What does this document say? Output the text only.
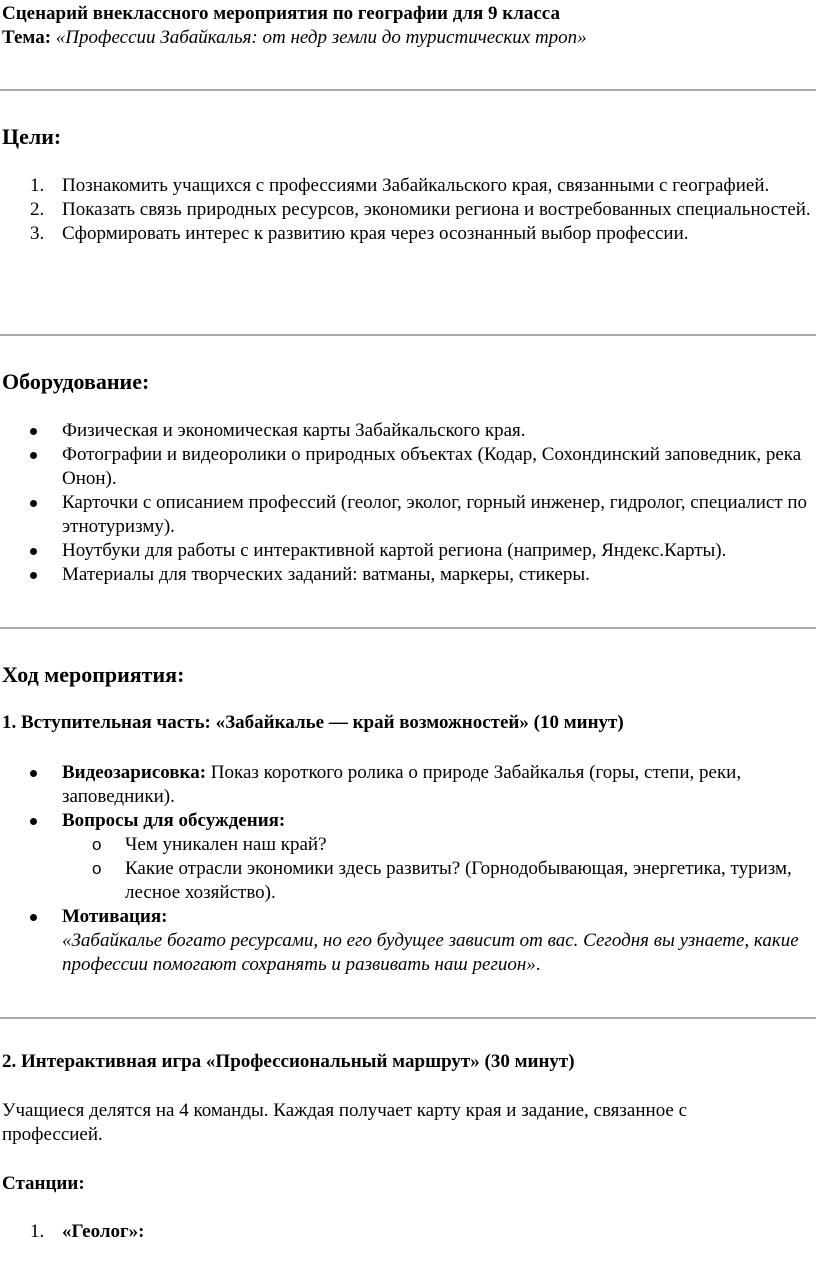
Сценарий внеклассного мероприятия по географии для 9 класса
Тема: «Профессии Забайкалья: от недр земли до туристических троп»
Цели:
1. Познакомить учащихся с профессиями Забайкальского края, связанными с географией.
2. Показать связь природных ресурсов, экономики региона и востребованных специальностей.
3. Сформировать интерес к развитию края через осознанный выбор профессии.
Оборудование:
Физическая и экономическая карты Забайкальского края.
Фотографии и видеоролики о природных объектах (Кодар, Сохондинский заповедник, река Онон).
Карточки с описанием профессий (геолог, эколог, горный инженер, гидролог, специалист по этнотуризму).
Ноутбуки для работы с интерактивной картой региона (например, Яндекс.Карты).
Материалы для творческих заданий: ватманы, маркеры, стикеры.
Ход мероприятия:
1. Вступительная часть: «Забайкалье — край возможностей» (10 минут)
Видеозарисовка: Показ короткого ролика о природе Забайкалья (горы, степи, реки, заповедники).
Вопросы для обсуждения:
o Чем уникален наш край?
o Какие отрасли экономики здесь развиты? (Горнодобывающая, энергетика, туризм, лесное хозяйство).
Мотивация:
«Забайкалье богато ресурсами, но его будущее зависит от вас. Сегодня вы узнаете, какие профессии помогают сохранять и развивать наш регион».
2. Интерактивная игра «Профессиональный маршрут» (30 минут)
Учащиеся делятся на 4 команды. Каждая получает карту края и задание, связанное с профессией.
Станции:
1. «Геолог»:
